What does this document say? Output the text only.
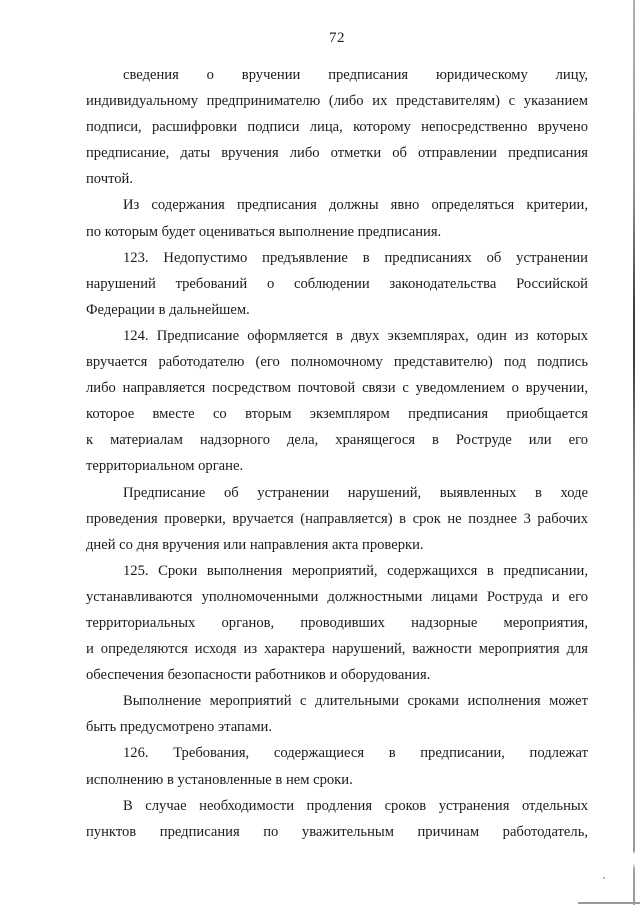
72
сведения о вручении предписания юридическому лицу,
индивидуальному предпринимателю (либо их представителям) с указанием
подписи, расшифровки подписи лица, которому непосредственно вручено
предписание, даты вручения либо отметки об отправлении предписания
почтой.
Из содержания предписания должны явно определяться критерии,
по которым будет оцениваться выполнение предписания.
123. Недопустимо предъявление в предписаниях об устранении
нарушений требований о соблюдении законодательства Российской
Федерации в дальнейшем.
124. Предписание оформляется в двух экземплярах, один из которых
вручается работодателю (его полномочному представителю) под подпись
либо направляется посредством почтовой связи с уведомлением о вручении,
которое вместе со вторым экземпляром предписания приобщается
к материалам надзорного дела, хранящегося в Роструде или его
территориальном органе.
Предписание об устранении нарушений, выявленных в ходе
проведения проверки, вручается (направляется) в срок не позднее 3 рабочих
дней со дня вручения или направления акта проверки.
125. Сроки выполнения мероприятий, содержащихся в предписании,
устанавливаются уполномоченными должностными лицами Роструда и его
территориальных органов, проводивших надзорные мероприятия,
и определяются исходя из характера нарушений, важности мероприятия для
обеспечения безопасности работников и оборудования.
Выполнение мероприятий с длительными сроками исполнения может
быть предусмотрено этапами.
126. Требования, содержащиеся в предписании, подлежат
исполнению в установленные в нем сроки.
В случае необходимости продления сроков устранения отдельных
пунктов предписания по уважительным причинам работодатель,
